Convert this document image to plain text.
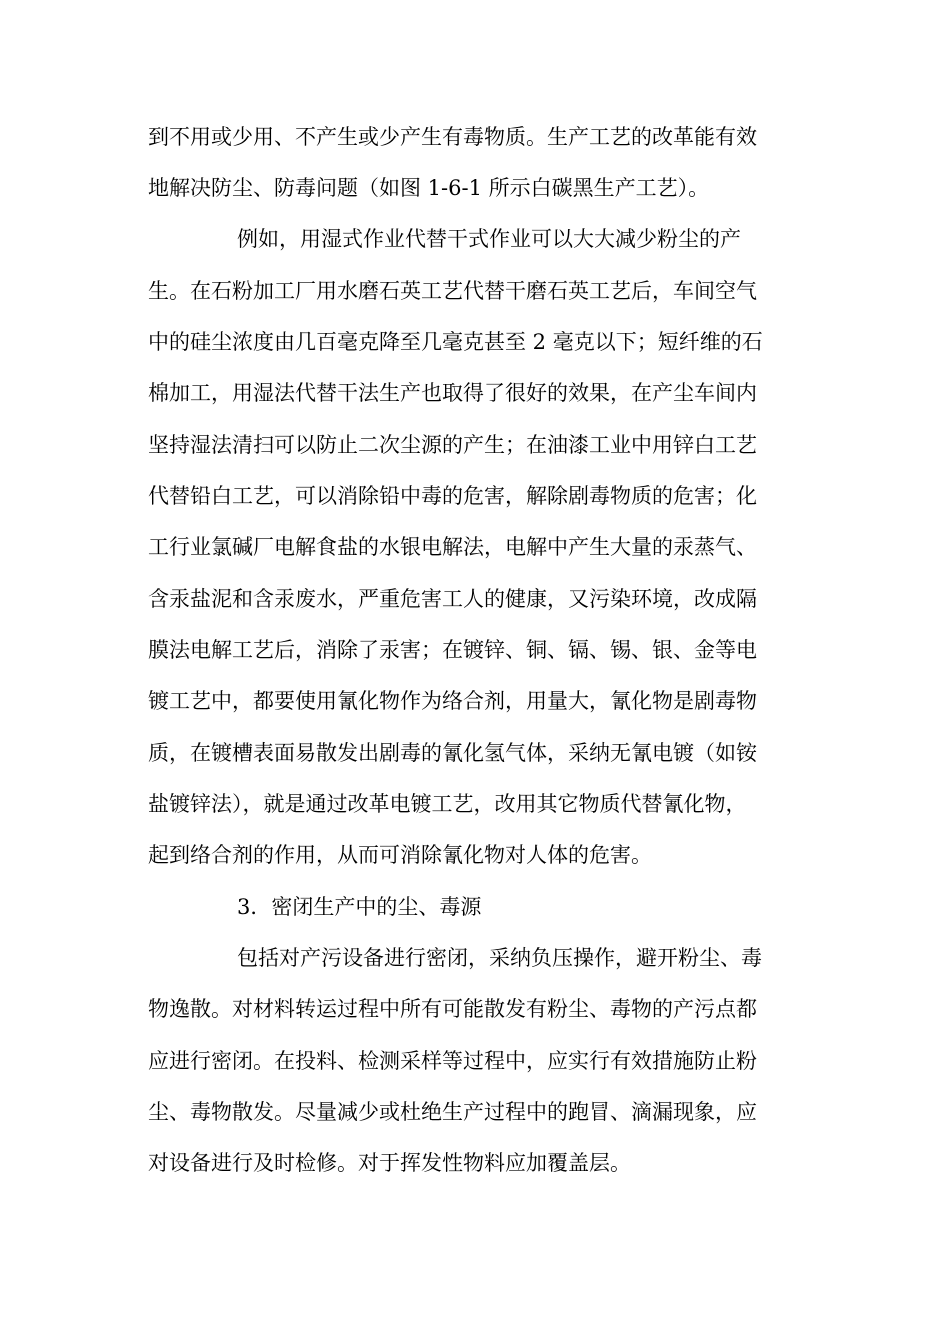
到不用或少用、不产生或少产生有毒物质。生产工艺的改革能有效
地解决防尘、防毒问题（如图 1-6-1 所示白碳黑生产工艺）。
例如，用湿式作业代替干式作业可以大大减少粉尘的产
生。在石粉加工厂用水磨石英工艺代替干磨石英工艺后，车间空气
中的硅尘浓度由几百毫克降至几毫克甚至 2 毫克以下；短纤维的石
棉加工，用湿法代替干法生产也取得了很好的效果，在产尘车间内
坚持湿法清扫可以防止二次尘源的产生；在油漆工业中用锌白工艺
代替铅白工艺，可以消除铅中毒的危害，解除剧毒物质的危害；化
工行业氯碱厂电解食盐的水银电解法，电解中产生大量的汞蒸气、
含汞盐泥和含汞废水，严重危害工人的健康，又污染环境，改成隔
膜法电解工艺后，消除了汞害；在镀锌、铜、镉、锡、银、金等电
镀工艺中，都要使用氰化物作为络合剂，用量大，氰化物是剧毒物
质，在镀槽表面易散发出剧毒的氰化氢气体，采纳无氰电镀（如铵
盐镀锌法），就是通过改革电镀工艺，改用其它物质代替氰化物，
起到络合剂的作用，从而可消除氰化物对人体的危害。
3．密闭生产中的尘、毒源
包括对产污设备进行密闭，采纳负压操作，避开粉尘、毒
物逸散。对材料转运过程中所有可能散发有粉尘、毒物的产污点都
应进行密闭。在投料、检测采样等过程中，应实行有效措施防止粉
尘、毒物散发。尽量减少或杜绝生产过程中的跑冒、滴漏现象，应
对设备进行及时检修。对于挥发性物料应加覆盖层。
